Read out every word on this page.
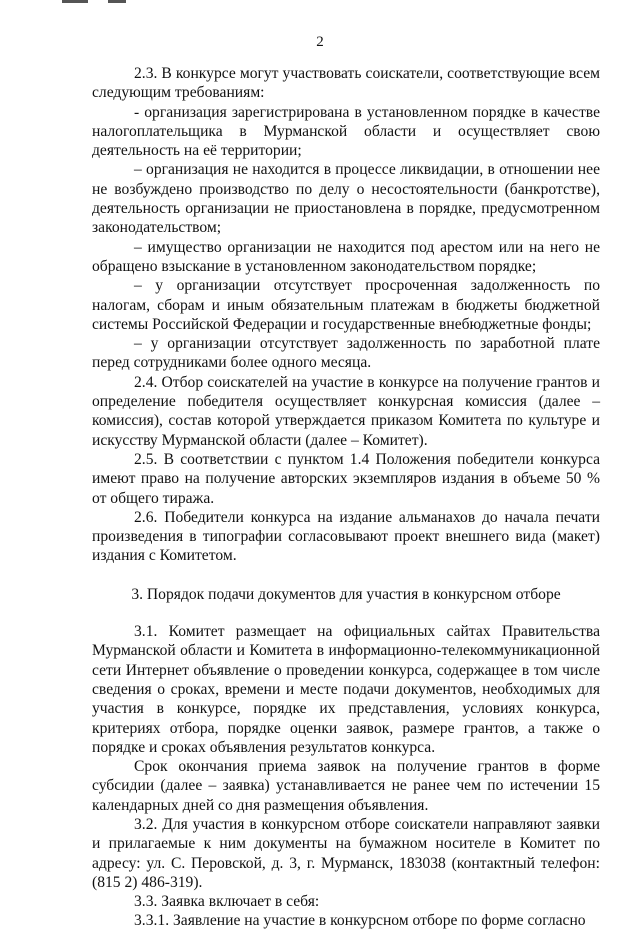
2

2.3. В конкурсе могут участвовать соискатели, соответствующие всем следующим требованиям:

- организация зарегистрирована в установленном порядке в качестве налогоплательщика в Мурманской области и осуществляет свою деятельность на её территории;

– организация не находится в процессе ликвидации, в отношении нее не возбуждено производство по делу о несостоятельности (банкротстве), деятельность организации не приостановлена в порядке, предусмотренном законодательством;

– имущество организации не находится под арестом или на него не обращено взыскание в установленном законодательством порядке;

– у организации отсутствует просроченная задолженность по налогам, сборам и иным обязательным платежам в бюджеты бюджетной системы Российской Федерации и государственные внебюджетные фонды;

– у организации отсутствует задолженность по заработной плате перед сотрудниками более одного месяца.

2.4. Отбор соискателей на участие в конкурсе на получение грантов и определение победителя осуществляет конкурсная комиссия (далее – комиссия), состав которой утверждается приказом Комитета по культуре и искусству Мурманской области (далее – Комитет).

2.5. В соответствии с пунктом 1.4 Положения победители конкурса имеют право на получение авторских экземпляров издания в объеме 50 % от общего тиража.

2.6. Победители конкурса на издание альманахов до начала печати произведения в типографии согласовывают проект внешнего вида (макет) издания с Комитетом.

3. Порядок подачи документов для участия в конкурсном отборе

3.1. Комитет размещает на официальных сайтах Правительства Мурманской области и Комитета в информационно-телекоммуникационной сети Интернет объявление о проведении конкурса, содержащее в том числе сведения о сроках, времени и месте подачи документов, необходимых для участия в конкурсе, порядке их представления, условиях конкурса, критериях отбора, порядке оценки заявок, размере грантов, а также о порядке и сроках объявления результатов конкурса.

Срок окончания приема заявок на получение грантов в форме субсидии (далее – заявка) устанавливается не ранее чем по истечении 15 календарных дней со дня размещения объявления.

3.2. Для участия в конкурсном отборе соискатели направляют заявки и прилагаемые к ним документы на бумажном носителе в Комитет по адресу: ул. С. Перовской, д. 3, г. Мурманск, 183038 (контактный телефон: (815 2) 486-319).

3.3. Заявка включает в себя:

3.3.1. Заявление на участие в конкурсном отборе по форме согласно
